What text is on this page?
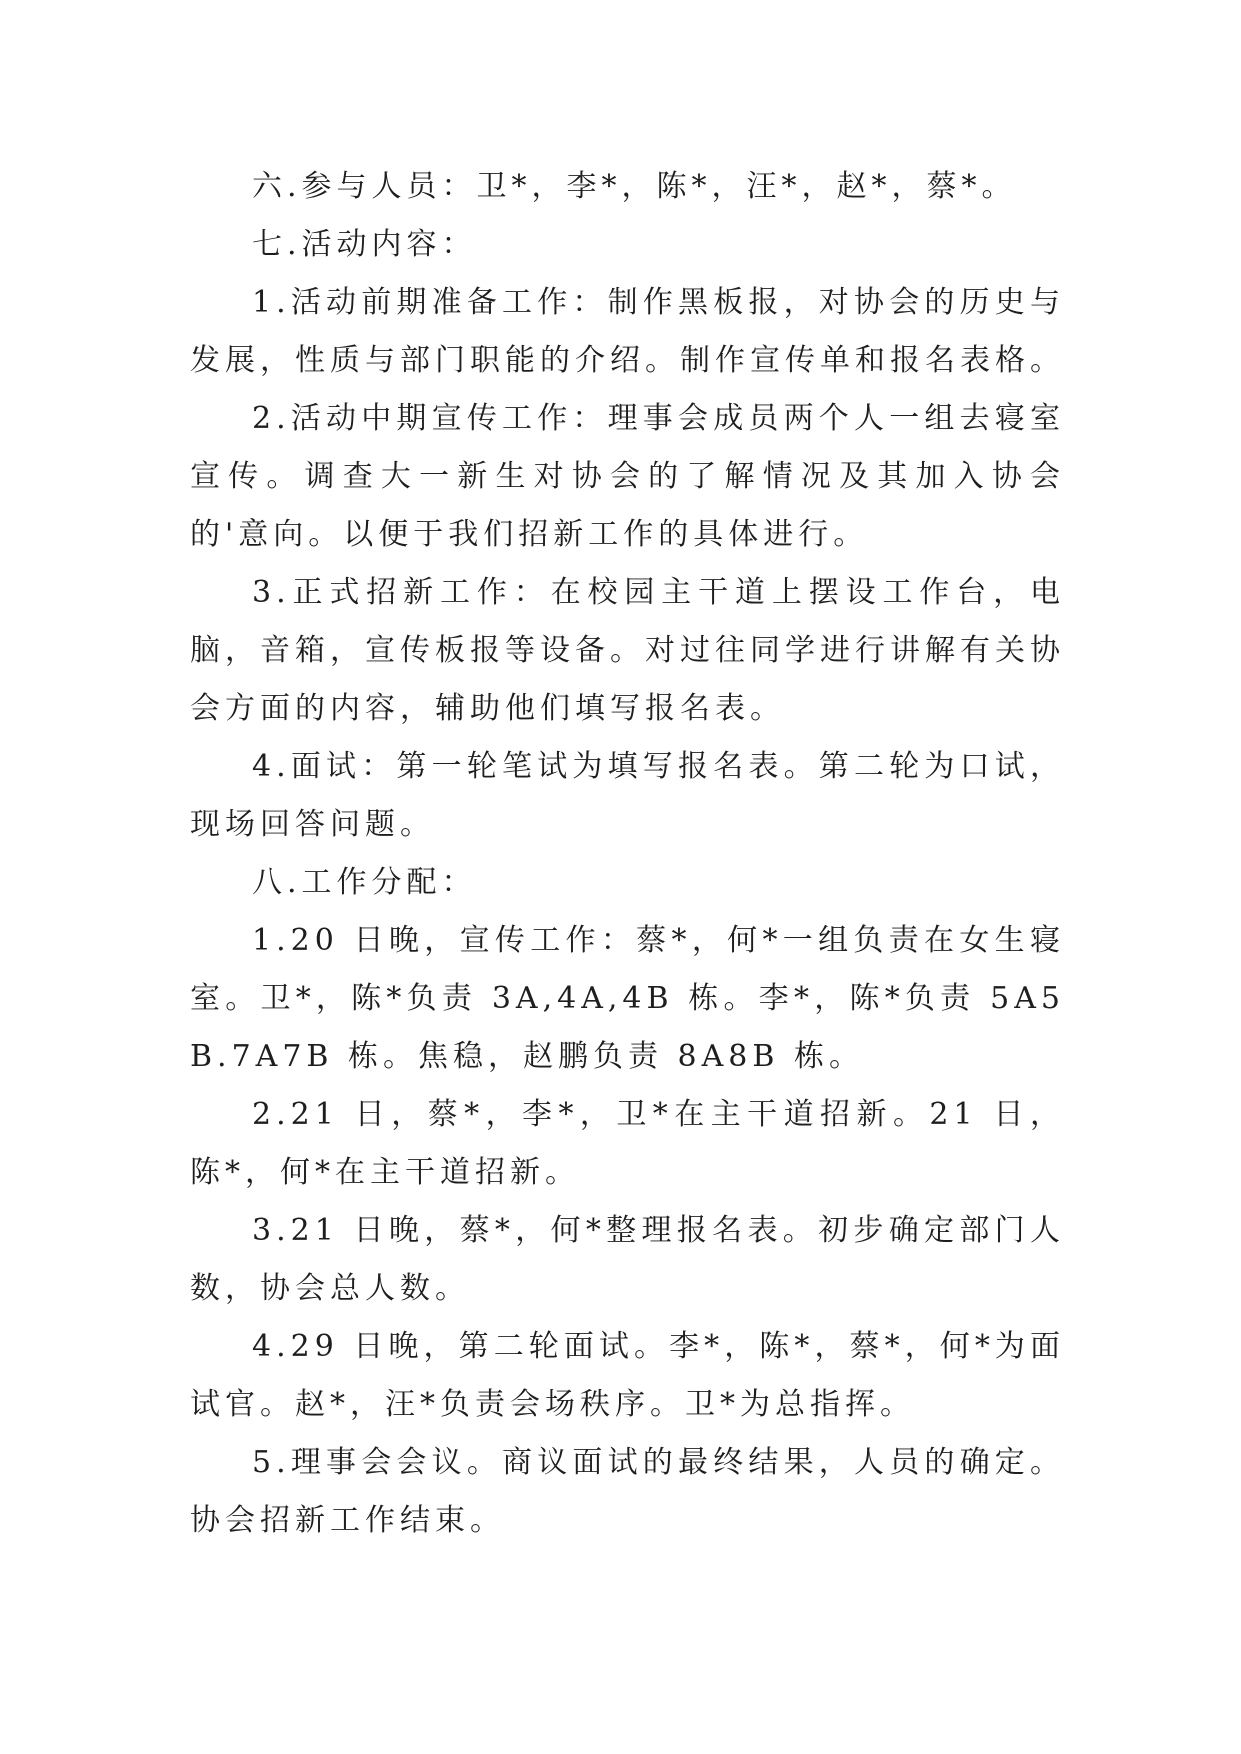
六.参与人员：卫*，李*，陈*，汪*，赵*，蔡*。

七.活动内容：

1.活动前期准备工作：制作黑板报，对协会的历史与发展，性质与部门职能的介绍。制作宣传单和报名表格。

2.活动中期宣传工作：理事会成员两个人一组去寝室宣传。调查大一新生对协会的了解情况及其加入协会的'意向。以便于我们招新工作的具体进行。

3.正式招新工作：在校园主干道上摆设工作台，电脑，音箱，宣传板报等设备。对过往同学进行讲解有关协会方面的内容，辅助他们填写报名表。

4.面试：第一轮笔试为填写报名表。第二轮为口试，现场回答问题。

八.工作分配：

1.20 日晚，宣传工作：蔡*，何*一组负责在女生寝室。卫*，陈*负责 3A,4A,4B 栋。李*，陈*负责 5A5B.7A7B 栋。焦稳，赵鹏负责 8A8B 栋。

2.21 日，蔡*，李*，卫*在主干道招新。21 日，陈*，何*在主干道招新。

3.21 日晚，蔡*，何*整理报名表。初步确定部门人数，协会总人数。

4.29 日晚，第二轮面试。李*，陈*，蔡*，何*为面试官。赵*，汪*负责会场秩序。卫*为总指挥。

5.理事会会议。商议面试的最终结果，人员的确定。协会招新工作结束。
